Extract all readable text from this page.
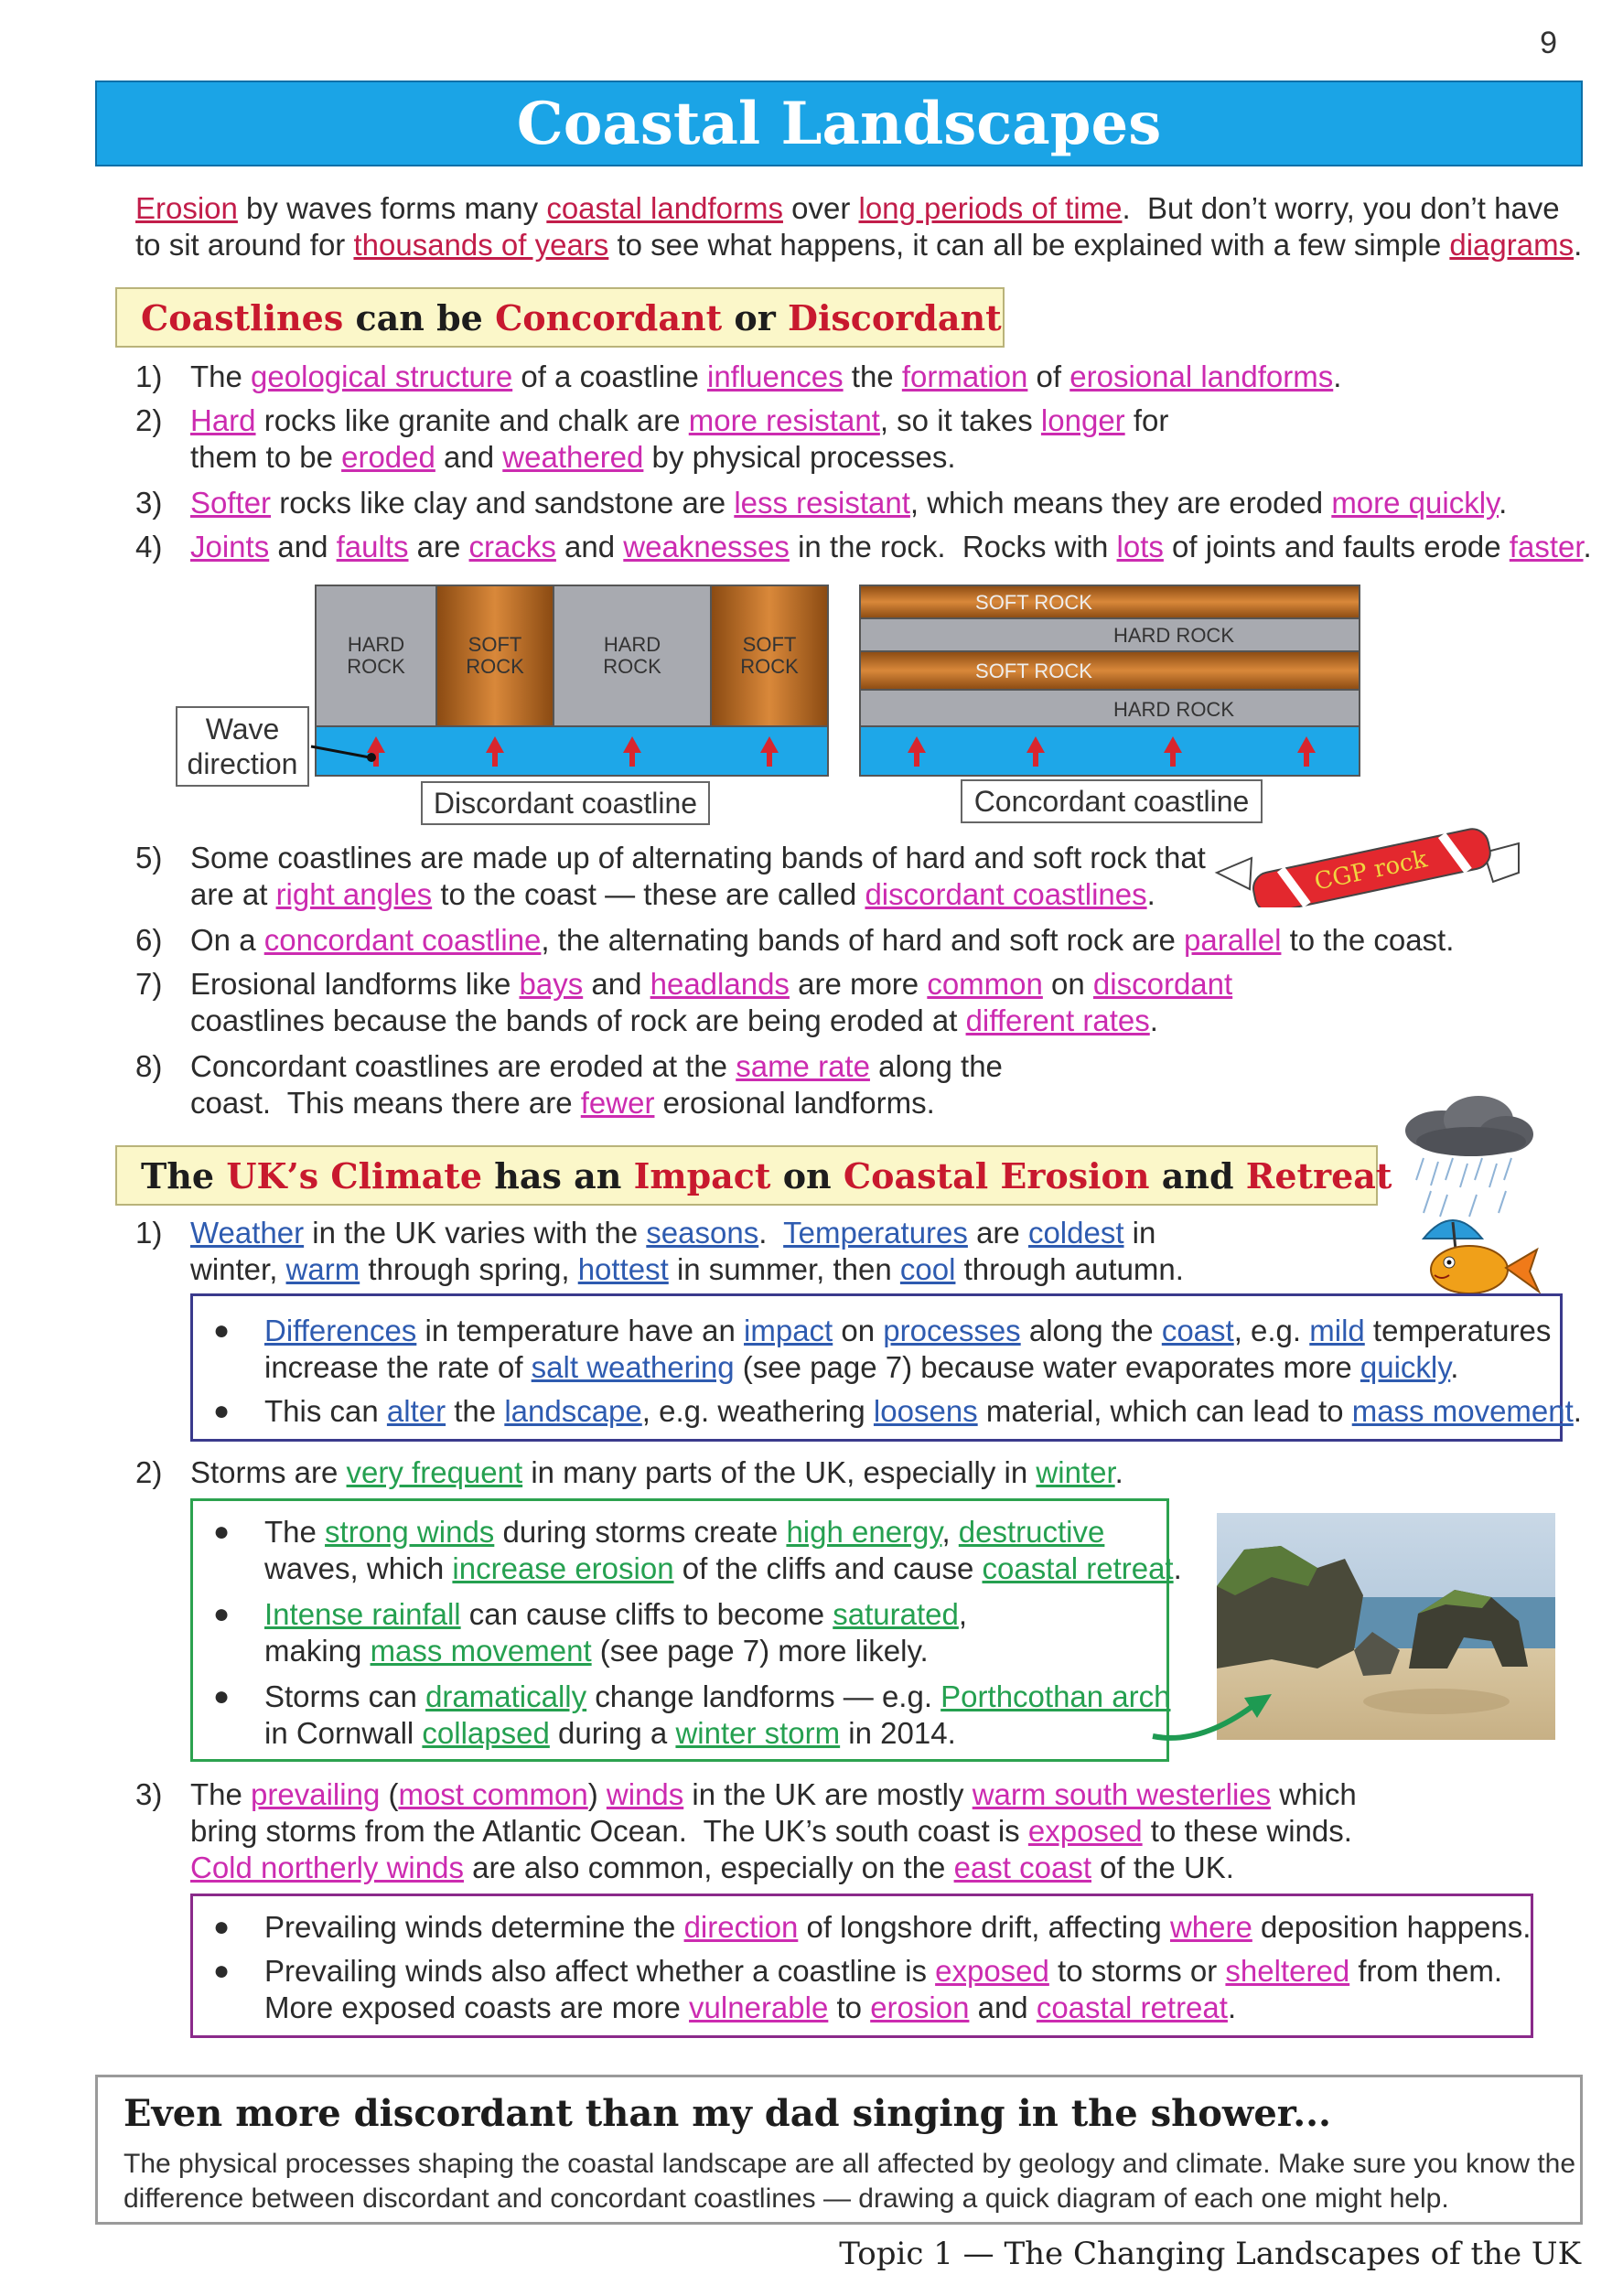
9
Coastal Landscapes
Erosion by waves forms many coastal landforms over long periods of time.  But don’t worry, you don’t have
to sit around for thousands of years to see what happens, it can all be explained with a few simple diagrams.
Coastlines can be Concordant or Discordant
1) The geological structure of a coastline influences the formation of erosional landforms.
2) Hard rocks like granite and chalk are more resistant, so it takes longer for
them to be eroded and weathered by physical processes.
3) Softer rocks like clay and sandstone are less resistant, which means they are eroded more quickly.
4) Joints and faults are cracks and weaknesses in the rock.  Rocks with lots of joints and faults erode faster.
HARD ROCK
SOFT ROCK
HARD ROCK
SOFT ROCK
SOFT ROCK
HARD ROCK
SOFT ROCK
HARD ROCK
Wave
direction
Discordant coastline	Concordant coastline
CGP rock
5) Some coastlines are made up of alternating bands of hard and soft rock that
are at right angles to the coast — these are called discordant coastlines.
6) On a concordant coastline, the alternating bands of hard and soft rock are parallel to the coast.
7) Erosional landforms like bays and headlands are more common on discordant
coastlines because the bands of rock are being eroded at different rates.
8) Concordant coastlines are eroded at the same rate along the
coast.  This means there are fewer erosional landforms.
The UK’s Climate has an Impact on Coastal Erosion and Retreat
1) Weather in the UK varies with the seasons.  Temperatures are coldest in
winter, warm through spring, hottest in summer, then cool through autumn.
● Differences in temperature have an impact on processes along the coast, e.g. mild temperatures
increase the rate of salt weathering (see page 7) because water evaporates more quickly.
● This can alter the landscape, e.g. weathering loosens material, which can lead to mass movement.
2) Storms are very frequent in many parts of the UK, especially in winter.
● The strong winds during storms create high energy, destructive
waves, which increase erosion of the cliffs and cause coastal retreat.
● Intense rainfall can cause cliffs to become saturated,
making mass movement (see page 7) more likely.
● Storms can dramatically change landforms — e.g. Porthcothan arch
in Cornwall collapsed during a winter storm in 2014.
3) The prevailing (most common) winds in the UK are mostly warm south westerlies which
bring storms from the Atlantic Ocean.  The UK’s south coast is exposed to these winds.
Cold northerly winds are also common, especially on the east coast of the UK.
● Prevailing winds determine the direction of longshore drift, affecting where deposition happens.
● Prevailing winds also affect whether a coastline is exposed to storms or sheltered from them.
More exposed coasts are more vulnerable to erosion and coastal retreat.
Even more discordant than my dad singing in the shower...
The physical processes shaping the coastal landscape are all affected by geology and climate. Make sure you know the
difference between discordant and concordant coastlines — drawing a quick diagram of each one might help.
Topic 1 — The Changing Landscapes of the UK
